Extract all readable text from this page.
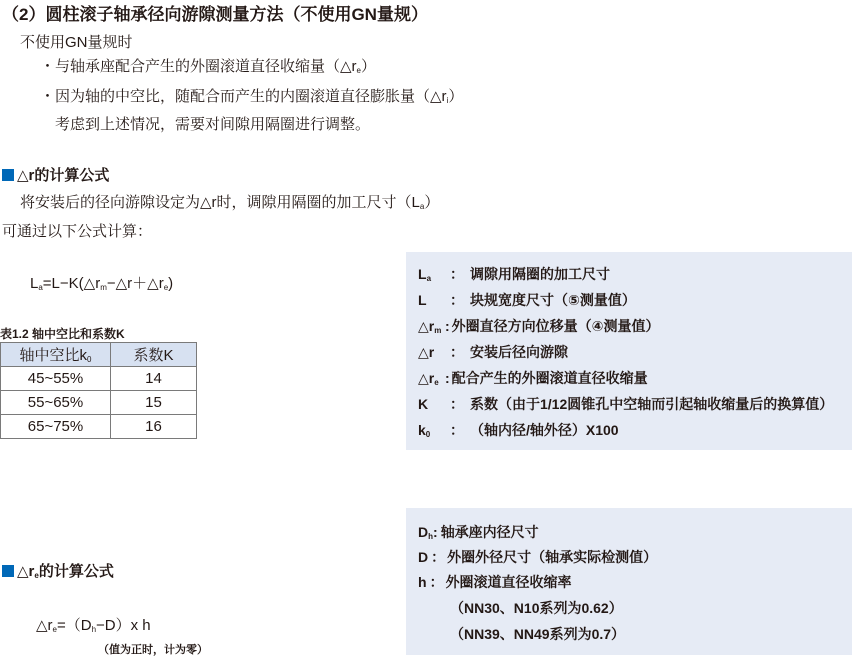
（2）圆柱滚子轴承径向游隙测量方法（不使用GN量规）
不使用GN量规时
・与轴承座配合产生的外圈滚道直径收缩量$(\triangle r_e)$
・因为轴的中空比，随配合而产生的内圈滚道直径膨胀量$(\triangle r_i)$
考虑到上述情况，需要对间隙用隔圈进行调整。
△r的计算公式
将安装后的径向游隙设定为△r时，调隙用隔圈的加工尺寸$(L_a)$
可通过以下公式计算：
$L_a=L-K(\triangle r_m-\triangle r+\triangle r_e)$
表1.2 轴中空比和系数K
轴中空比$k_0$	系数K
45~55%	14
55~65%	15
65~75%	16
$L_a$ ： 调隙用隔圈的加工尺寸
L ： 块规宽度尺寸（⑤测量值）
$\triangle r_m$ : 外圈直径方向位移量（④测量值）
△r ： 安装后径向游隙
$\triangle r_e$ : 配合产生的外圈滚道直径收缩量
K ： 系数（由于1/12圆锥孔中空轴而引起轴收缩量后的换算值）
$k_0$ ： （轴内径/轴外径）X100
$\triangle r_e$的计算公式
$\triangle r_e=(D_h-D)x$ h
（值为正时，计为零）
$D_h$: 轴承座内径尺寸
D ： 外圈外径尺寸（轴承实际检测值）
h ： 外圈滚道直径收缩率
（NN30、N10系列为0.62）
（NN39、NN49系列为0.7）
